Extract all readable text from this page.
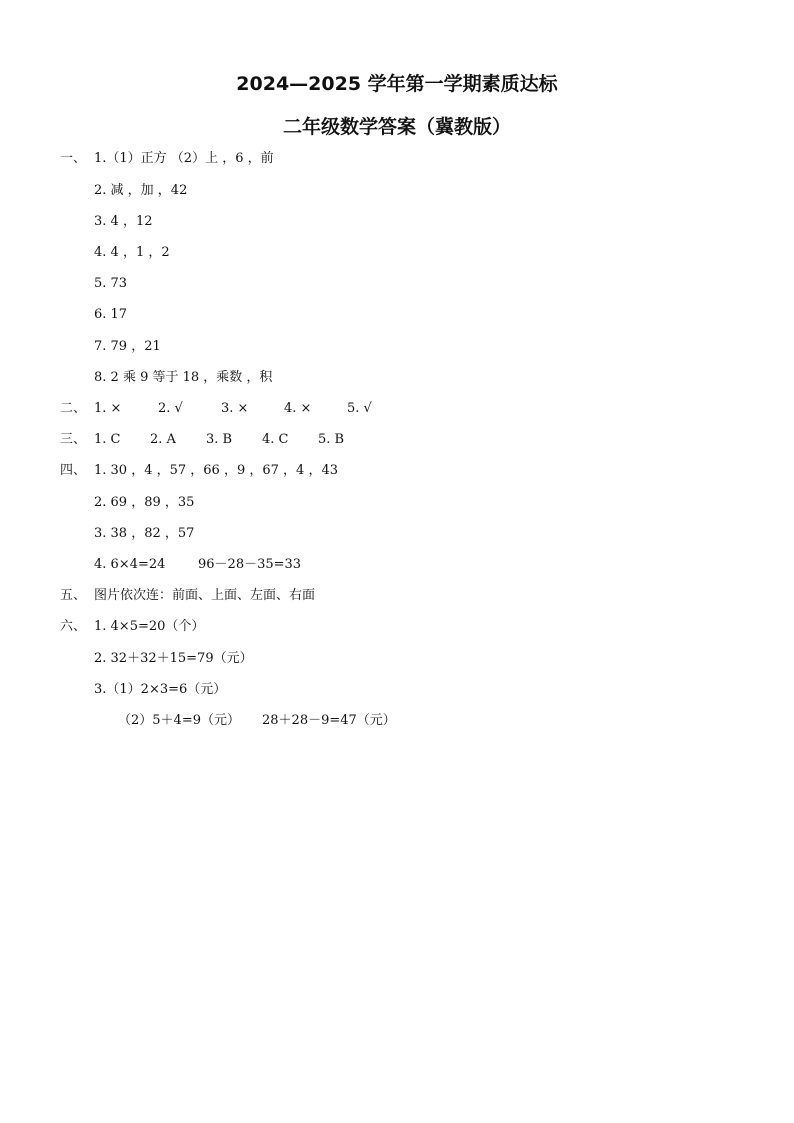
2024—2025 学年第一学期素质达标
二年级数学答案（冀教版）
一、 1.（1）正方 （2）上 ，6 ，前
2. 减 ，加 ，42
3. 4 ，12
4. 4 ，1 ，2
5. 73
6. 17
7. 79 ，21
8. 2 乘 9 等于 18 ，乘数 ，积
二、 1. ×	2. √	3. ×	4. ×	5. √
三、 1. C 2. A 3. B 4. C 5. B
四、 1. 30 ，4 ，57 ，66 ，9 ，67 ，4 ，43
2. 69 ，89 ，35
3. 38 ，82 ，57
4. 6×4=24	96－28－35=33
五、 图片依次连：前面、上面、左面、右面
六、 1. 4×5=20（个）
2. 32＋32＋15=79（元）
3.（1）2×3=6（元）
（2）5＋4=9（元） 28＋28－9=47（元）
